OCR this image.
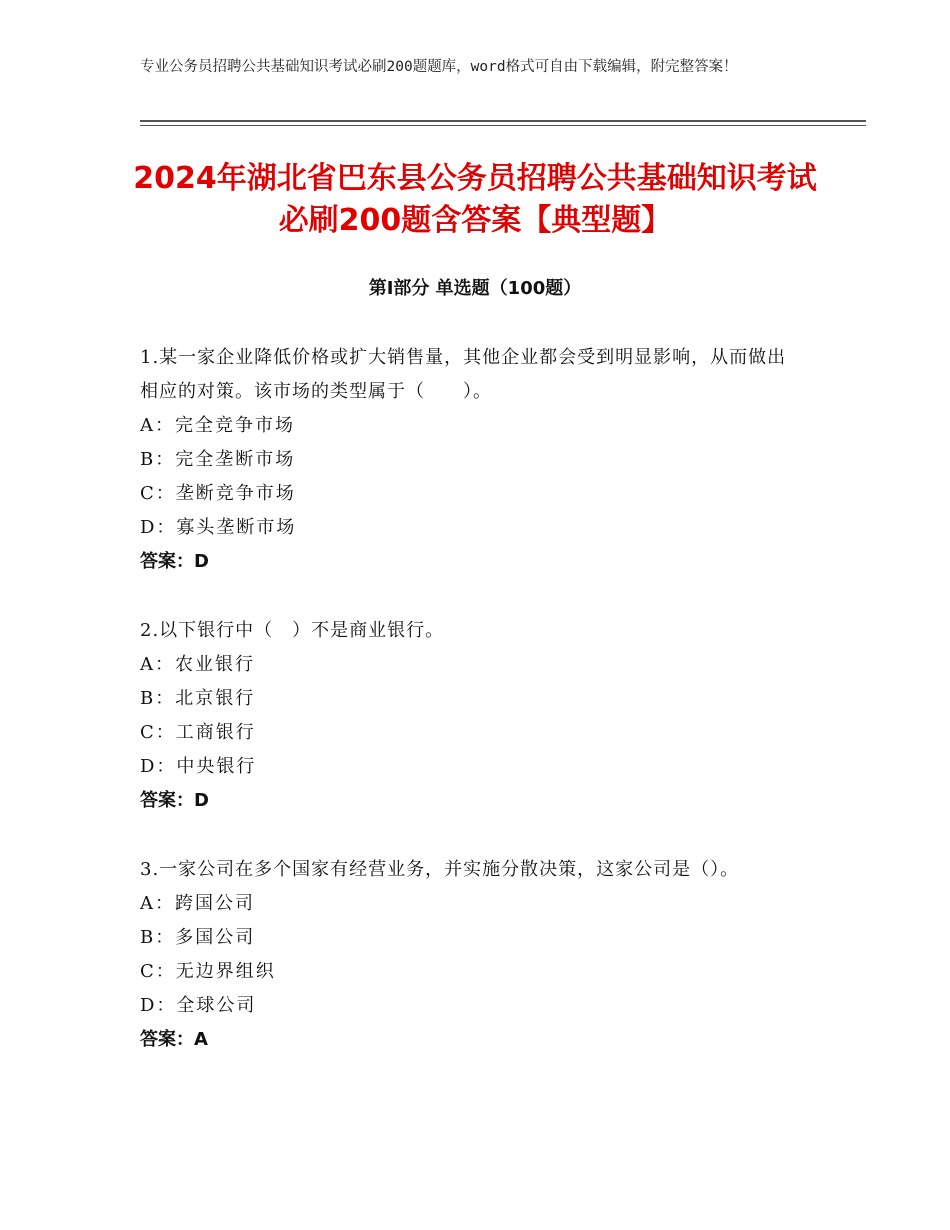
专业公务员招聘公共基础知识考试必刷200题题库，word格式可自由下载编辑，附完整答案！
2024年湖北省巴东县公务员招聘公共基础知识考试必刷200题含答案【典型题】
第Ⅰ部分 单选题（100题）
1.某一家企业降低价格或扩大销售量，其他企业都会受到明显影响，从而做出相应的对策。该市场的类型属于（　　）。
A：完全竞争市场
B：完全垄断市场
C：垄断竞争市场
D：寡头垄断市场
答案：D
2.以下银行中（　）不是商业银行。
A：农业银行
B：北京银行
C：工商银行
D：中央银行
答案：D
3.一家公司在多个国家有经营业务，并实施分散决策，这家公司是（）。
A：跨国公司
B：多国公司
C：无边界组织
D：全球公司
答案：A
